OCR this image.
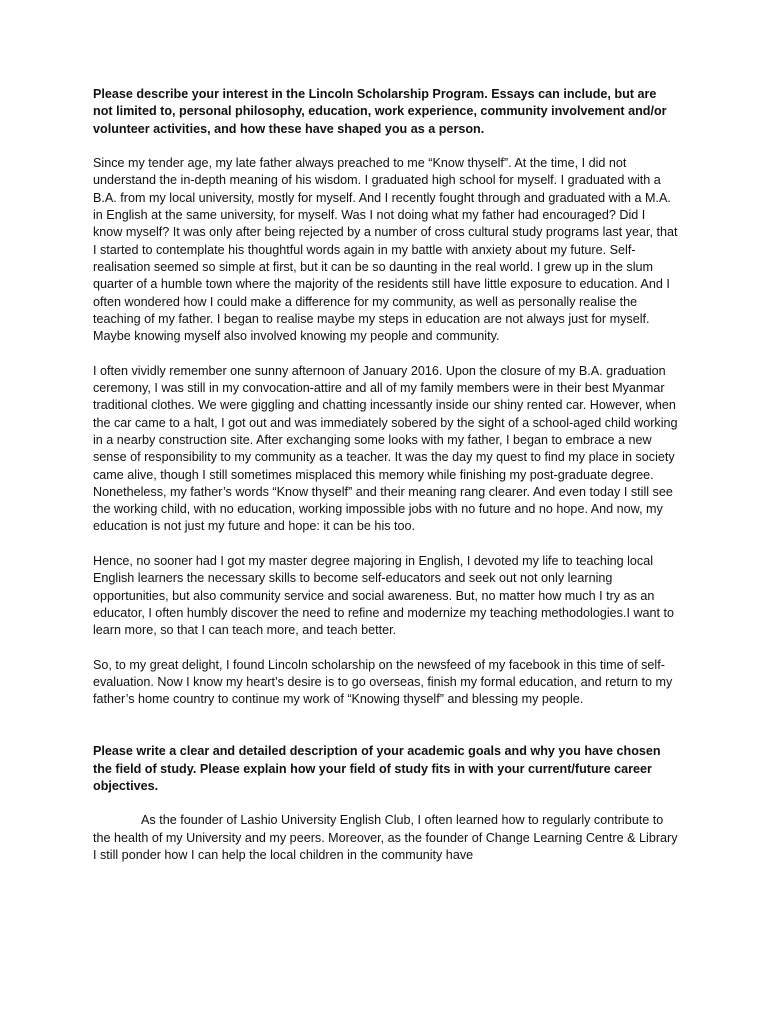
Please describe your interest in the Lincoln Scholarship Program. Essays can include, but are not limited to, personal philosophy, education, work experience, community involvement and/or volunteer activities, and how these have shaped you as a person.

Since my tender age, my late father always preached to me “Know thyself”. At the time, I did not understand the in-depth meaning of his wisdom. I graduated high school for myself. I graduated with a B.A. from my local university, mostly for myself. And I recently fought through and graduated with a M.A. in English at the same university, for myself. Was I not doing what my father had encouraged? Did I know myself? It was only after being rejected by a number of cross cultural study programs last year, that I started to contemplate his thoughtful words again in my battle with anxiety about my future. Self-realisation seemed so simple at first, but it can be so daunting in the real world. I grew up in the slum quarter of a humble town where the majority of the residents still have little exposure to education. And I often wondered how I could make a difference for my community, as well as personally realise the teaching of my father. I began to realise maybe my steps in education are not always just for myself. Maybe knowing myself also involved knowing my people and community.

I often vividly remember one sunny afternoon of January 2016. Upon the closure of my B.A. graduation ceremony, I was still in my convocation-attire and all of my family members were in their best Myanmar traditional clothes. We were giggling and chatting incessantly inside our shiny rented car. However, when the car came to a halt, I got out and was immediately sobered by the sight of a school-aged child working in a nearby construction site. After exchanging some looks with my father, I began to embrace a new sense of responsibility to my community as a teacher. It was the day my quest to find my place in society came alive, though I still sometimes misplaced this memory while finishing my post-graduate degree. Nonetheless, my father’s words “Know thyself” and their meaning rang clearer. And even today I still see the working child, with no education, working impossible jobs with no future and no hope. And now, my education is not just my future and hope: it can be his too.

Hence, no sooner had I got my master degree majoring in English, I devoted my life to teaching local English learners the necessary skills to become self-educators and seek out not only learning opportunities, but also community service and social awareness. But, no matter how much I try as an educator, I often humbly discover the need to refine and modernize my teaching methodologies.I want to learn more, so that I can teach more, and teach better.

So, to my great delight, I found Lincoln scholarship on the newsfeed of my facebook in this time of self-evaluation. Now I know my heart’s desire is to go overseas, finish my formal education, and return to my father’s home country to continue my work of “Knowing thyself” and blessing my people.

Please write a clear and detailed description of your academic goals and why you have chosen the field of study. Please explain how your field of study fits in with your current/future career objectives.

As the founder of Lashio University English Club, I often learned how to regularly contribute to the health of my University and my peers. Moreover, as the founder of Change Learning Centre & Library I still ponder how I can help the local children in the community have
